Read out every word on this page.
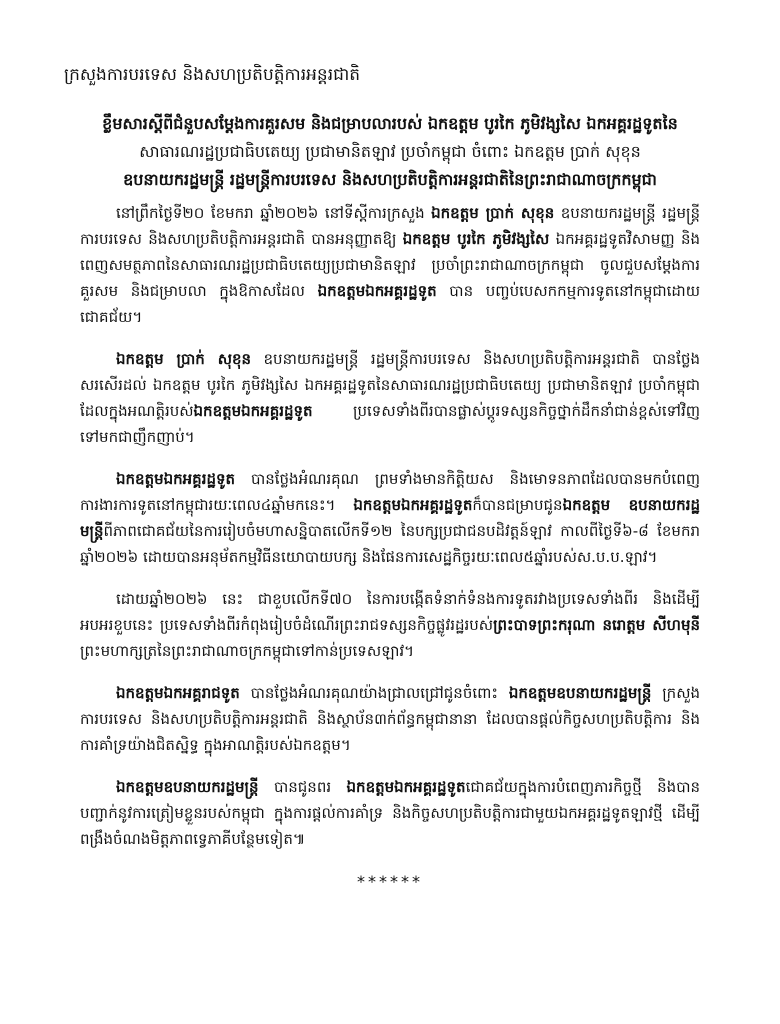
ក្រសួងការបរទេស និងសហប្រតិបត្តិការអន្តរជាតិ
ខ្លឹមសារស្តីពីជំនួបសម្តែងការគួរសម និងជម្រាបលារបស់ ឯកឧត្តម បូរកៃ ភូមិវង្សសៃ ឯកអគ្គរដ្ឋទូតនៃ
សាធារណរដ្ឋប្រជាធិបតេយ្យ ប្រជាមានិតឡាវ ប្រចាំកម្ពុជា ចំពោះ ឯកឧត្តម ប្រាក់ សុខុន
ឧបនាយករដ្ឋមន្ត្រី រដ្ឋមន្ត្រីការបរទេស និងសហប្រតិបត្តិការអន្តរជាតិនៃព្រះរាជាណាចក្រកម្ពុជា

នៅព្រឹកថ្ងៃទី២០ ខែមករា ឆ្នាំ២០២៦ នៅទីស្តីការក្រសួង ឯកឧត្តម ប្រាក់ សុខុន ឧបនាយករដ្ឋមន្ត្រី រដ្ឋមន្ត្រីការបរទេស និងសហប្រតិបត្តិការអន្តរជាតិ បានអនុញ្ញាតឱ្យ ឯកឧត្តម បូរកៃ ភូមិវង្សសៃ ឯកអគ្គរដ្ឋទូតវិសាមញ្ញ និងពេញសមត្ថភាពនៃសាធារណរដ្ឋប្រជាធិបតេយ្យប្រជាមានិតឡាវ ប្រចាំព្រះរាជាណាចក្រកម្ពុជា ចូលជួបសម្តែងការគួរសម និងជម្រាបលា ក្នុងឱកាសដែល ឯកឧត្តមឯកអគ្គរដ្ឋទូត បាន បញ្ចប់បេសកកម្មការទូតនៅកម្ពុជាដោយជោគជ័យ។

ឯកឧត្តម ប្រាក់ សុខុន ឧបនាយករដ្ឋមន្ត្រី រដ្ឋមន្ត្រីការបរទេស និងសហប្រតិបត្តិការអន្តរជាតិ បានថ្លែង សរសើរដល់ ឯកឧត្តម បូរកៃ ភូមិវង្សសៃ ឯកអគ្គរដ្ឋទូតនៃសាធារណរដ្ឋប្រជាធិបតេយ្យ ប្រជាមានិតឡាវ ប្រចាំកម្ពុជា ដែលក្នុងអណត្តិរបស់ឯកឧត្តមឯកអគ្គរដ្ឋទូត ប្រទេសទាំងពីរបានផ្លាស់ប្តូរទស្សនកិច្ចថ្នាក់ដឹកនាំជាន់ខ្ពស់ទៅវិញទៅមកជាញឹកញាប់។

ឯកឧត្តមឯកអគ្គរដ្ឋទូត បានថ្លែងអំណរគុណ ព្រមទាំងមានកិត្តិយស និងមោទនភាពដែលបានមកបំពេញការងារការទូតនៅកម្ពុជារយៈពេល៤ឆ្នាំមកនេះ។ ឯកឧត្តមឯកអគ្គរដ្ឋទូតក៏បានជម្រាបជូនឯកឧត្តម ឧបនាយករដ្ឋមន្ត្រីពីភាពជោគជ័យនៃការរៀបចំមហាសន្និបាតលើកទី១២ នៃបក្សប្រជាជនបដិវត្តន៍ឡាវ កាលពីថ្ងៃទី៦-៨ ខែមករា ឆ្នាំ២០២៦ ដោយបានអនុម័តកម្មវិធីនយោបាយបក្ស និងផែនការសេដ្ឋកិច្ចរយៈពេល៥ឆ្នាំរបស់ស.ប.ប.ឡាវ។

ដោយឆ្នាំ២០២៦ នេះ ជាខួបលើកទី៧០ នៃការបង្កើតទំនាក់ទំនងការទូតរវាងប្រទេសទាំងពីរ និងដើម្បីអបអរខួបនេះ ប្រទេសទាំងពីរកំពុងរៀបចំដំណើរព្រះរាជទស្សនកិច្ចផ្លូវរដ្ឋរបស់ព្រះបាទព្រះករុណា នរោត្តម សីហមុនី ព្រះមហាក្សត្រនៃព្រះរាជាណាចក្រកម្ពុជាទៅកាន់ប្រទេសឡាវ។

ឯកឧត្តមឯកអគ្គរាជទូត បានថ្លែងអំណរគុណយ៉ាងជ្រាលជ្រៅជូនចំពោះ ឯកឧត្តមឧបនាយករដ្ឋមន្ត្រី ក្រសួងការបរទេស និងសហប្រតិបត្តិការអន្តរជាតិ និងស្ថាប័ន៣ក់ព័ន្ធកម្ពុជានានា ដែលបានផ្តល់កិច្ចសហប្រតិបត្តិការ និងការគាំទ្រយ៉ាងជិតស្និទ្ធ ក្នុងអាណត្តិរបស់ឯកឧត្តម។

ឯកឧត្តមឧបនាយករដ្ឋមន្ត្រី បានជូនពរ ឯកឧត្តមឯកអគ្គរដ្ឋទូតជោគជ័យក្នុងការបំពេញភារកិច្ចថ្មី និងបានបញ្ជាក់នូវការត្រៀមខ្លួនរបស់កម្ពុជា ក្នុងការផ្តល់ការគាំទ្រ និងកិច្ចសហប្រតិបត្តិការជាមួយឯកអគ្គរដ្ឋទូតឡាវថ្មី ដើម្បីពង្រឹងចំណងមិត្តភាពទ្វេភាគីបន្ថែមទៀត៕

******
